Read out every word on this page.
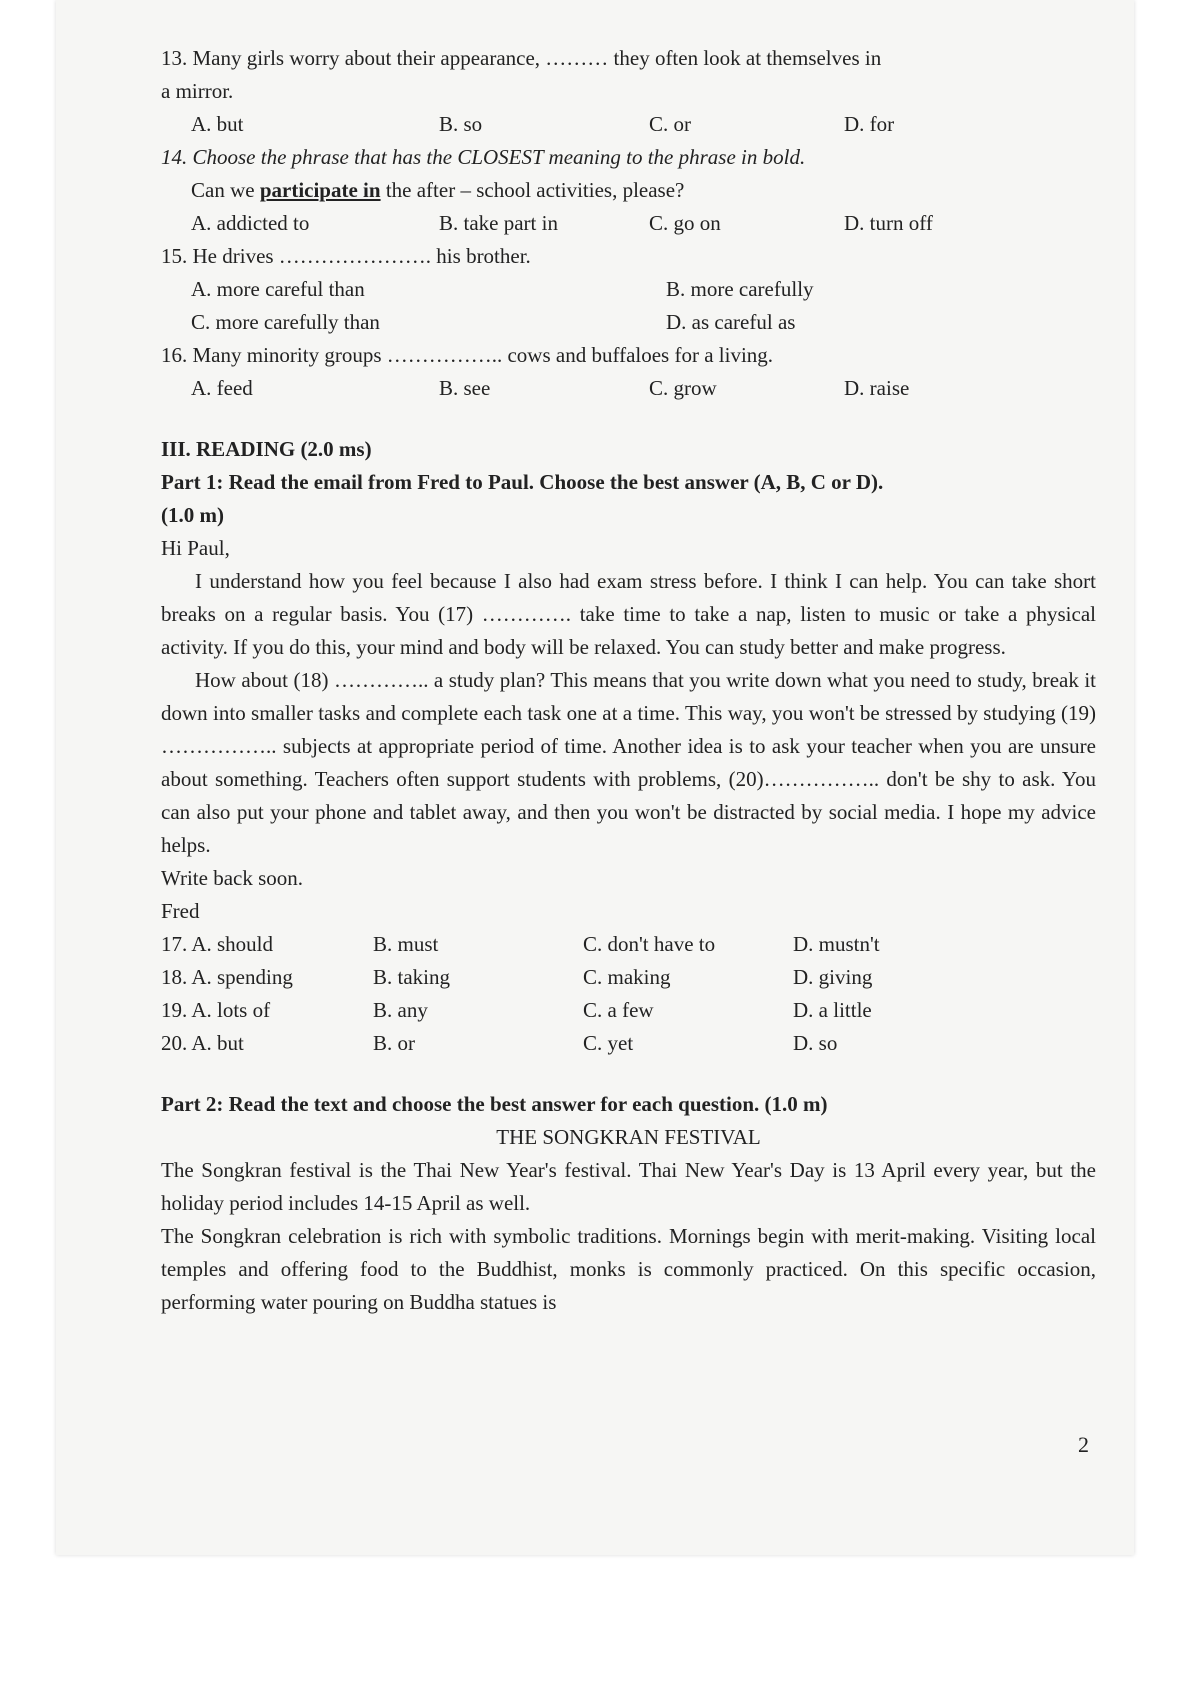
13. Many girls worry about their appearance, ……… they often look at themselves in
a mirror.
A. but	B. so	C. or	D. for
14. Choose the phrase that has the CLOSEST meaning to the phrase in bold.
Can we participate in the after – school activities, please?
A. addicted to	B. take part in	C. go on	D. turn off
15. He drives …………………. his brother.
A. more careful than	B. more carefully
C. more carefully than	D. as careful as
16. Many minority groups …………….. cows and buffaloes for a living.
A. feed	B. see	C. grow	D. raise
III. READING (2.0 ms)
Part 1: Read the email from Fred to Paul. Choose the best answer (A, B, C or D).
(1.0 m)
Hi Paul,
I understand how you feel because I also had exam stress before. I think I can help. You can take short breaks on a regular basis. You (17) …………. take time to take a nap, listen to music or take a physical activity. If you do this, your mind and body will be relaxed. You can study better and make progress.
How about (18) ………….. a study plan? This means that you write down what you need to study, break it down into smaller tasks and complete each task one at a time. This way, you won't be stressed by studying (19) …………….. subjects at appropriate period of time. Another idea is to ask your teacher when you are unsure about something. Teachers often support students with problems, (20)…………….. don't be shy to ask. You can also put your phone and tablet away, and then you won't be distracted by social media. I hope my advice helps.
Write back soon.
Fred
17. A. should	B. must	C. don't have to	D. mustn't
18. A. spending	B. taking	C. making	D. giving
19. A. lots of	B. any	C. a few	D. a little
20. A. but	B. or	C. yet	D. so
Part 2: Read the text and choose the best answer for each question. (1.0 m)
THE SONGKRAN FESTIVAL
The Songkran festival is the Thai New Year's festival. Thai New Year's Day is 13 April every year, but the holiday period includes 14-15 April as well.
The Songkran celebration is rich with symbolic traditions. Mornings begin with merit-making. Visiting local temples and offering food to the Buddhist, monks is commonly practiced. On this specific occasion, performing water pouring on Buddha statues is
2
